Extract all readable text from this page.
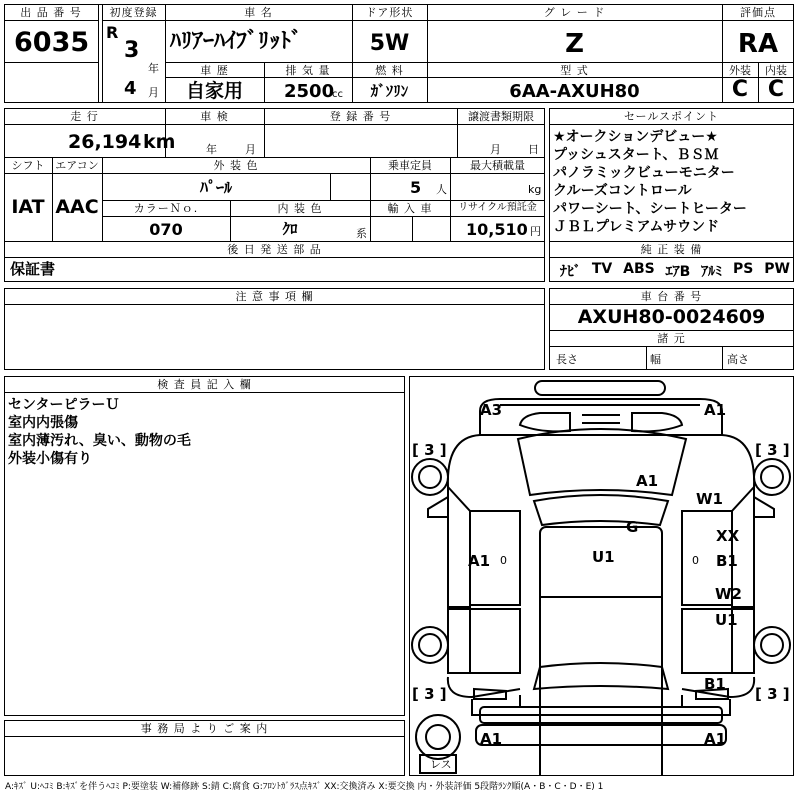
出 品 番 号
6035
初度登録
R
3
年
4 月
車 名
ﾊﾘｱｰﾊｲﾌﾞﾘｯﾄﾞ
ドア形状
5W
グ レ ー ド
Z
評価点
RA
車 歴
自家用
排 気 量
2500
cc
燃 料
ｶﾞｿﾘﾝ
型 式
6AA-AXUH80
外装	内装
C C
走 行
26,194 km
車 検
年	月
登 録 番 号	譲渡書類期限
月 日
シフト
IAT
エアコン
AAC
外 装 色
ﾊﾟｰﾙ
乗車定員
5 人
最大積載量
kg
カラーＮｏ.
070
内 装 色
ｸﾛ	系
輸 入 車	リサイクル預託金
10,510 円
後 日 発 送 部 品
保証書
セールスポイント
★オークションデビュー★
プッシュスタート、ＢＳＭ
パノラミックビューモニター
クルーズコントロール
パワーシート、シートヒーター
ＪＢＬプレミアムサウンド
純 正 装 備
ﾅﾋﾞ TV ABS ｴｱB ｱﾙﾐ PS PW
注 意 事 項 欄	車 台 番 号
AXUH80-0024609
諸 元
長さ	幅	高さ
検 査 員 記 入 欄
センターピラーＵ
室内内張傷
室内薄汚れ、臭い、動物の毛
外装小傷有り
事 務 局 よ り ご 案 内
[ 3 ]	[ 3 ]
[ 3 ]	[ 3 ]
A3	A1
A1
W1
G
U1
XX
B1
A1 0	0
W2
U1
B1
A1	A1
レス
A:ｷｽﾞ U:ﾍｺﾐ B:ｷｽﾞを伴うﾍｺﾐ P:要塗装 W:補修跡 S:錆 C:腐食 G:ﾌﾛﾝﾄｶﾞﾗｽ点ｷｽﾞ XX:交換済み X:要交換 内・外装評価 5段階ﾗﾝｸ順(A・B・C・D・E) 1
